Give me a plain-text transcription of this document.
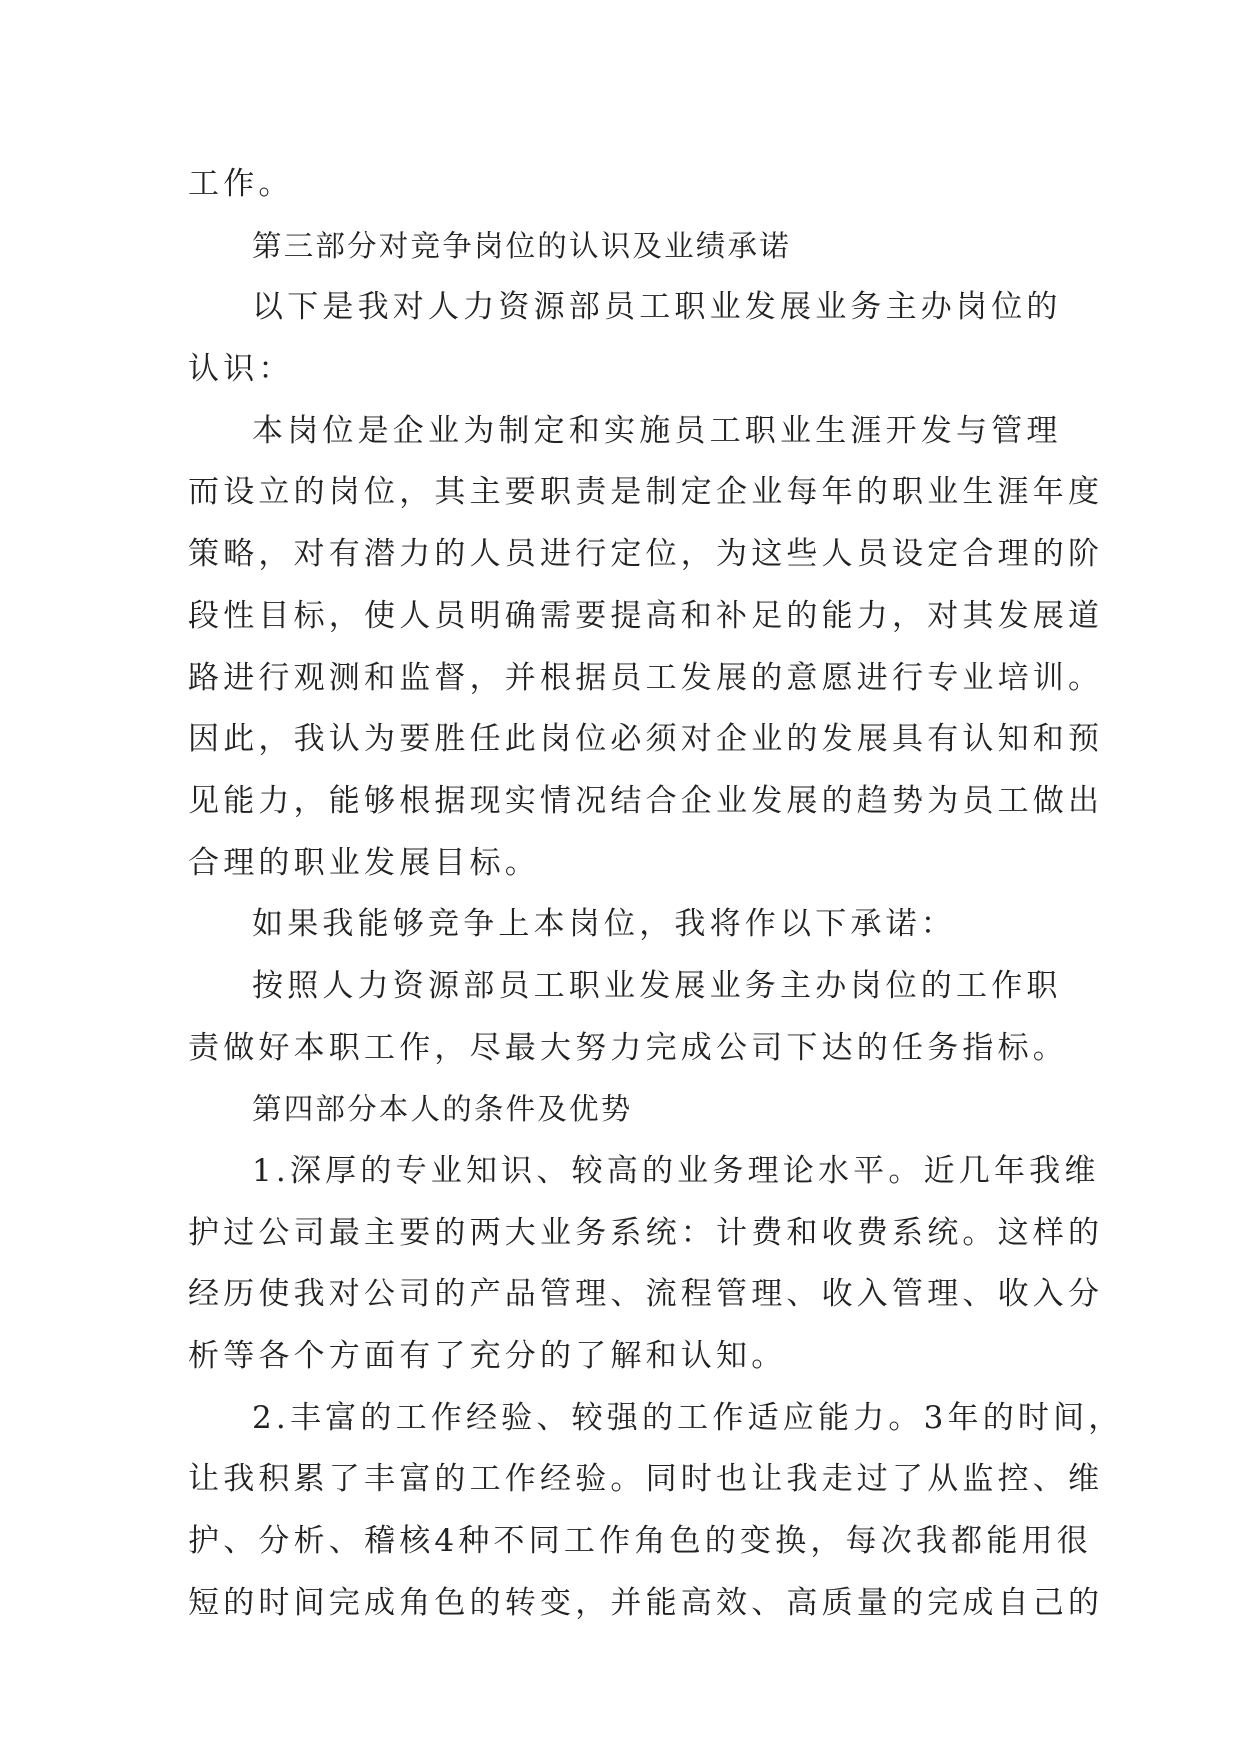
工作。
第三部分对竞争岗位的认识及业绩承诺
以下是我对人力资源部员工职业发展业务主办岗位的
认识：
本岗位是企业为制定和实施员工职业生涯开发与管理
而设立的岗位，其主要职责是制定企业每年的职业生涯年度
策略，对有潜力的人员进行定位，为这些人员设定合理的阶
段性目标，使人员明确需要提高和补足的能力，对其发展道
路进行观测和监督，并根据员工发展的意愿进行专业培训。
因此，我认为要胜任此岗位必须对企业的发展具有认知和预
见能力，能够根据现实情况结合企业发展的趋势为员工做出
合理的职业发展目标。
如果我能够竞争上本岗位，我将作以下承诺：
按照人力资源部员工职业发展业务主办岗位的工作职
责做好本职工作，尽最大努力完成公司下达的任务指标。
第四部分本人的条件及优势
1.深厚的专业知识、较高的业务理论水平。近几年我维
护过公司最主要的两大业务系统：计费和收费系统。这样的
经历使我对公司的产品管理、流程管理、收入管理、收入分
析等各个方面有了充分的了解和认知。
2.丰富的工作经验、较强的工作适应能力。3年的时间，
让我积累了丰富的工作经验。同时也让我走过了从监控、维
护、分析、稽核4种不同工作角色的变换，每次我都能用很
短的时间完成角色的转变，并能高效、高质量的完成自己的
